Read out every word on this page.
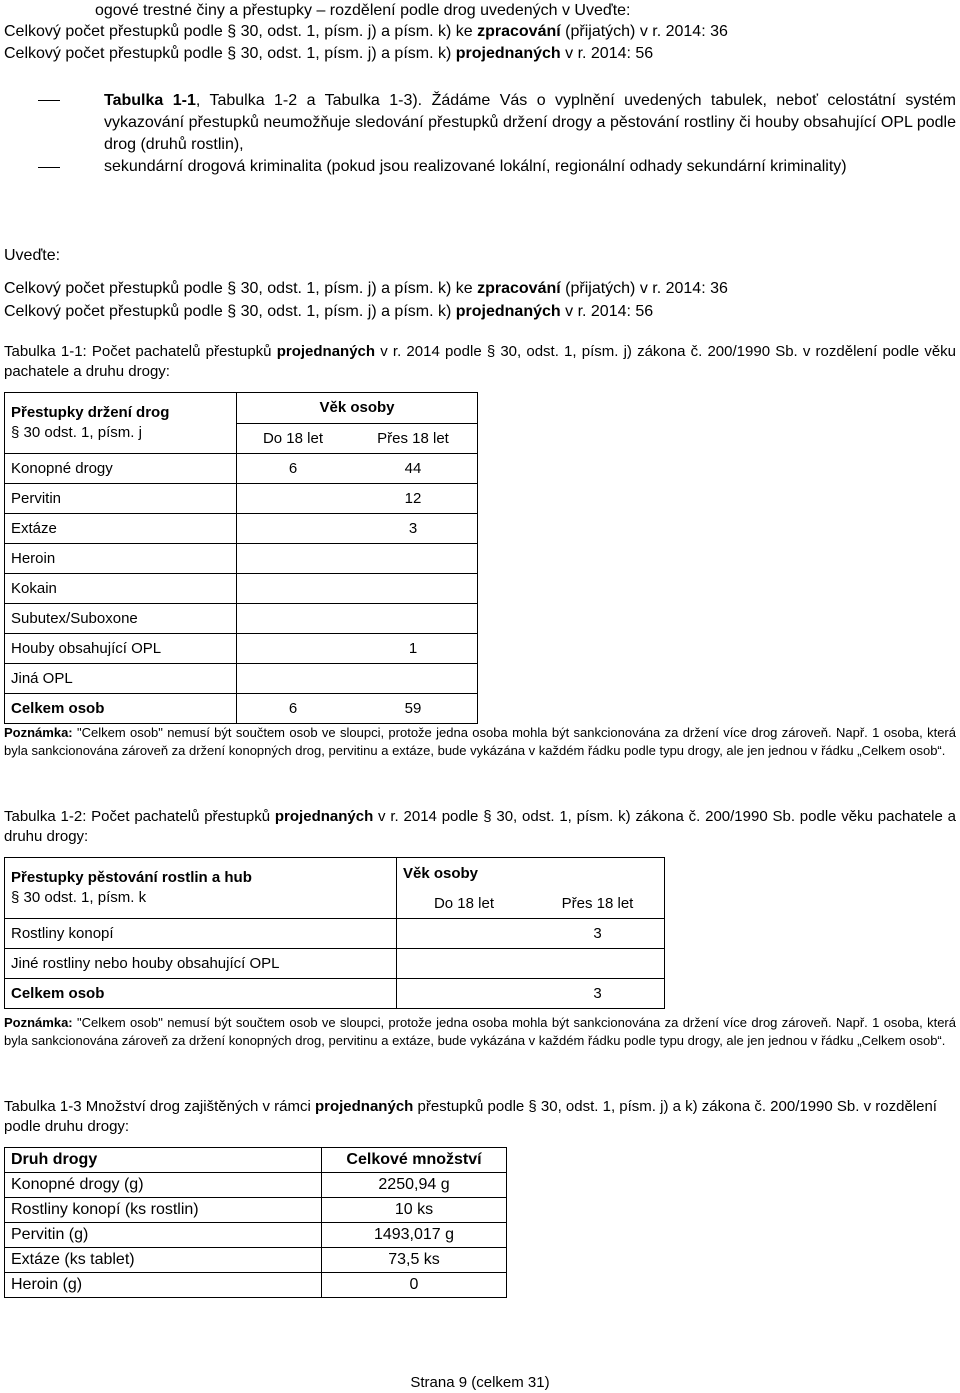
ogové trestné činy a přestupky – rozdělení podle drog uvedených v Uveďte:
Celkový počet přestupků podle § 30, odst. 1, písm. j) a písm. k) ke zpracování (přijatých) v r. 2014: 36
Celkový počet přestupků podle § 30, odst. 1, písm. j) a písm. k) projednaných v r. 2014: 56
Tabulka 1-1, Tabulka 1-2 a Tabulka 1-3). Žádáme Vás o vyplnění uvedených tabulek, neboť celostátní systém vykazování přestupků neumožňuje sledování přestupků držení drogy a pěstování rostliny či houby obsahující OPL podle drog (druhů rostlin),
sekundární drogová kriminalita (pokud jsou realizované lokální, regionální odhady sekundární kriminality)
Uveďte:
Celkový počet přestupků podle § 30, odst. 1, písm. j) a písm. k) ke zpracování (přijatých) v r. 2014: 36
Celkový počet přestupků podle § 30, odst. 1, písm. j) a písm. k) projednaných v r. 2014: 56
Tabulka 1-1: Počet pachatelů přestupků projednaných v r. 2014 podle § 30, odst. 1, písm. j) zákona č. 200/1990 Sb. v rozdělení podle věku pachatele a druhu drogy:
Přestupky držení drog
§ 30 odst. 1, písm. j	Věk osoby	
	Do 18 let	Přes 18 let
Konopné drogy	6	44
Pervitin		12
Extáze		3
Heroin		
Kokain		
Subutex/Suboxone		
Houby obsahující OPL		1
Jiná OPL		
Celkem osob	6	59
Poznámka: "Celkem osob" nemusí být součtem osob ve sloupci, protože jedna osoba mohla být sankcionována za držení více drog zároveň. Např. 1 osoba, která byla sankcionována zároveň za držení konopných drog, pervitinu a extáze, bude vykázána v každém řádku podle typu drogy, ale jen jednou v řádku „Celkem osob“.
Tabulka 1-2: Počet pachatelů přestupků projednaných v r. 2014 podle § 30, odst. 1, písm. k) zákona č. 200/1990 Sb. podle věku pachatele a druhu drogy:
Přestupky pěstování rostlin a hub
§ 30 odst. 1, písm. k	Věk osoby	
	Do 18 let	Přes 18 let
Rostliny konopí		3
Jiné rostliny nebo houby obsahující OPL		
Celkem osob		3
Poznámka: "Celkem osob" nemusí být součtem osob ve sloupci, protože jedna osoba mohla být sankcionována za držení více drog zároveň. Např. 1 osoba, která byla sankcionována zároveň za držení konopných drog, pervitinu a extáze, bude vykázána v každém řádku podle typu drogy, ale jen jednou v řádku „Celkem osob“.
Tabulka 1-3 Množství drog zajištěných v rámci projednaných přestupků podle § 30, odst. 1, písm. j) a k) zákona č. 200/1990 Sb. v rozdělení podle druhu drogy:
Druh drogy	Celkové množství
Konopné drogy (g)	2250,94 g
Rostliny konopí (ks rostlin)	10 ks
Pervitin (g)	1493,017 g
Extáze (ks tablet)	73,5 ks
Heroin (g)	0
Strana 9 (celkem 31)
